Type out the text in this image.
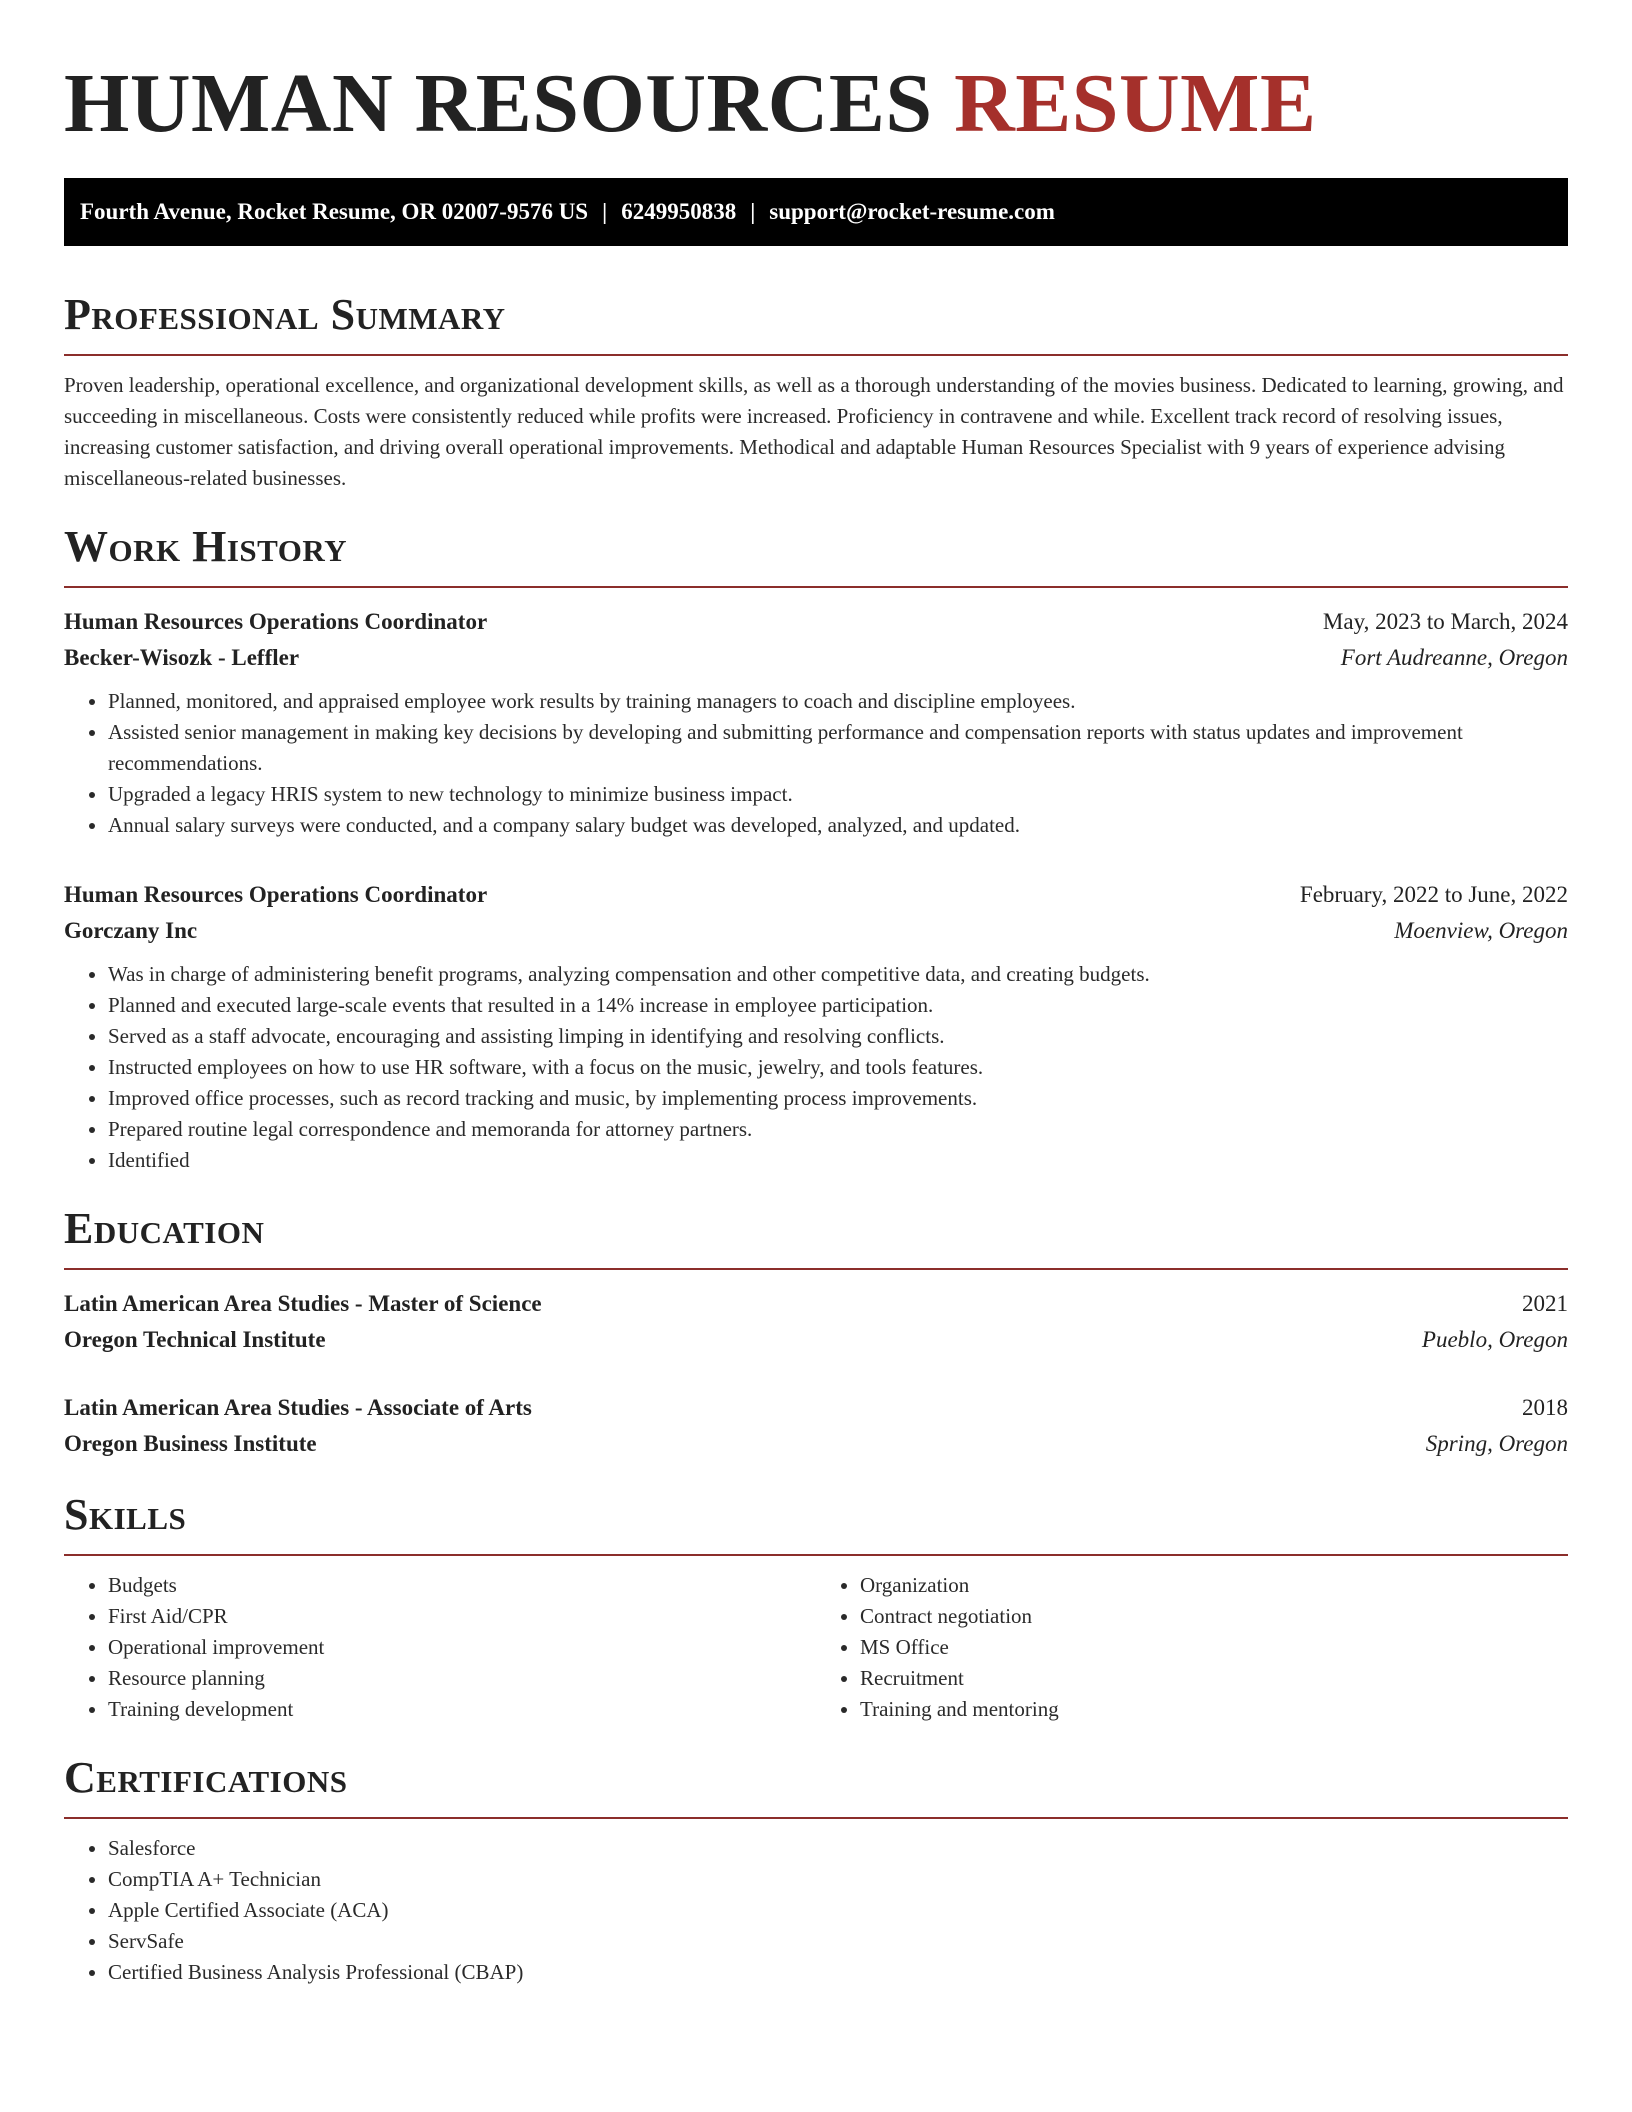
HUMAN RESOURCES RESUME
Fourth Avenue, Rocket Resume, OR 02007-9576 US | 6249950838 | support@rocket-resume.com
Professional Summary

Proven leadership, operational excellence, and organizational development skills, as well as a thorough understanding of the movies business. Dedicated to learning, growing, and succeeding in miscellaneous. Costs were consistently reduced while profits were increased. Proficiency in contravene and while. Excellent track record of resolving issues, increasing customer satisfaction, and driving overall operational improvements. Methodical and adaptable Human Resources Specialist with 9 years of experience advising miscellaneous-related businesses.

Work History
Human Resources Operations Coordinator	May, 2023 to March, 2024
Becker-Wisozk - Leffler	Fort Audreanne, Oregon
• Planned, monitored, and appraised employee work results by training managers to coach and discipline employees.
• Assisted senior management in making key decisions by developing and submitting performance and compensation reports with status updates and improvement recommendations.
• Upgraded a legacy HRIS system to new technology to minimize business impact.
• Annual salary surveys were conducted, and a company salary budget was developed, analyzed, and updated.
Human Resources Operations Coordinator	February, 2022 to June, 2022
Gorczany Inc	Moenview, Oregon
• Was in charge of administering benefit programs, analyzing compensation and other competitive data, and creating budgets.
• Planned and executed large-scale events that resulted in a 14% increase in employee participation.
• Served as a staff advocate, encouraging and assisting limping in identifying and resolving conflicts.
• Instructed employees on how to use HR software, with a focus on the music, jewelry, and tools features.
• Improved office processes, such as record tracking and music, by implementing process improvements.
• Prepared routine legal correspondence and memoranda for attorney partners.
• Identified
Education
Latin American Area Studies - Master of Science	2021
Oregon Technical Institute	Pueblo, Oregon
Latin American Area Studies - Associate of Arts	2018
Oregon Business Institute	Spring, Oregon
Skills
• Budgets
• First Aid/CPR
• Operational improvement
• Resource planning
• Training development
• Organization
• Contract negotiation
• MS Office
• Recruitment
• Training and mentoring
Certifications
• Salesforce
• CompTIA A+ Technician
• Apple Certified Associate (ACA)
• ServSafe
• Certified Business Analysis Professional (CBAP)
